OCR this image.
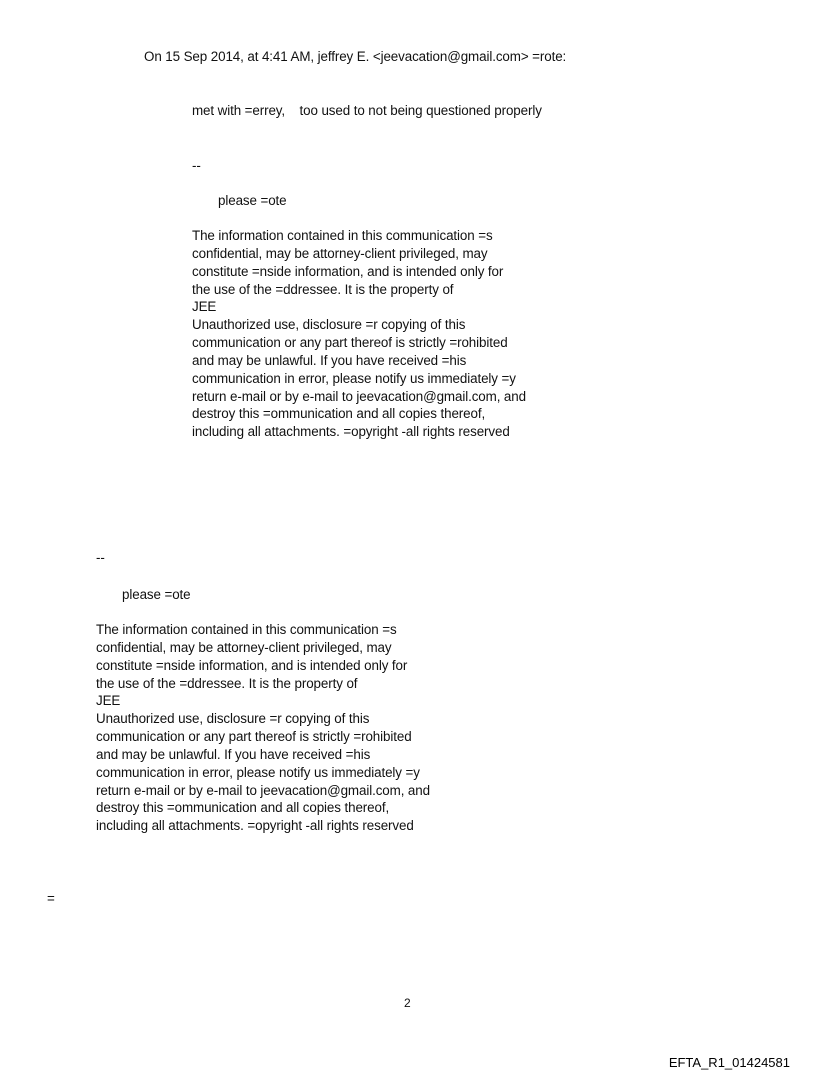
On 15 Sep 2014, at 4:41 AM, jeffrey E. <jeevacation@gmail.com> =rote:
met with =errey,    too used to not being questioned properly
--
please =ote
The information contained in this communication =s
confidential, may be attorney-client privileged, may
constitute =nside information, and is intended only for
the use of the =ddressee. It is the property of
JEE
Unauthorized use, disclosure =r copying of this
communication or any part thereof is strictly =rohibited
and may be unlawful. If you have received =his
communication in error, please notify us immediately =y
return e-mail or by e-mail to jeevacation@gmail.com, and
destroy this =ommunication and all copies thereof,
including all attachments. =opyright -all rights reserved
--
please =ote
The information contained in this communication =s
confidential, may be attorney-client privileged, may
constitute =nside information, and is intended only for
the use of the =ddressee. It is the property of
JEE
Unauthorized use, disclosure =r copying of this
communication or any part thereof is strictly =rohibited
and may be unlawful. If you have received =his
communication in error, please notify us immediately =y
return e-mail or by e-mail to jeevacation@gmail.com, and
destroy this =ommunication and all copies thereof,
including all attachments. =opyright -all rights reserved
=
2
EFTA_R1_01424581
